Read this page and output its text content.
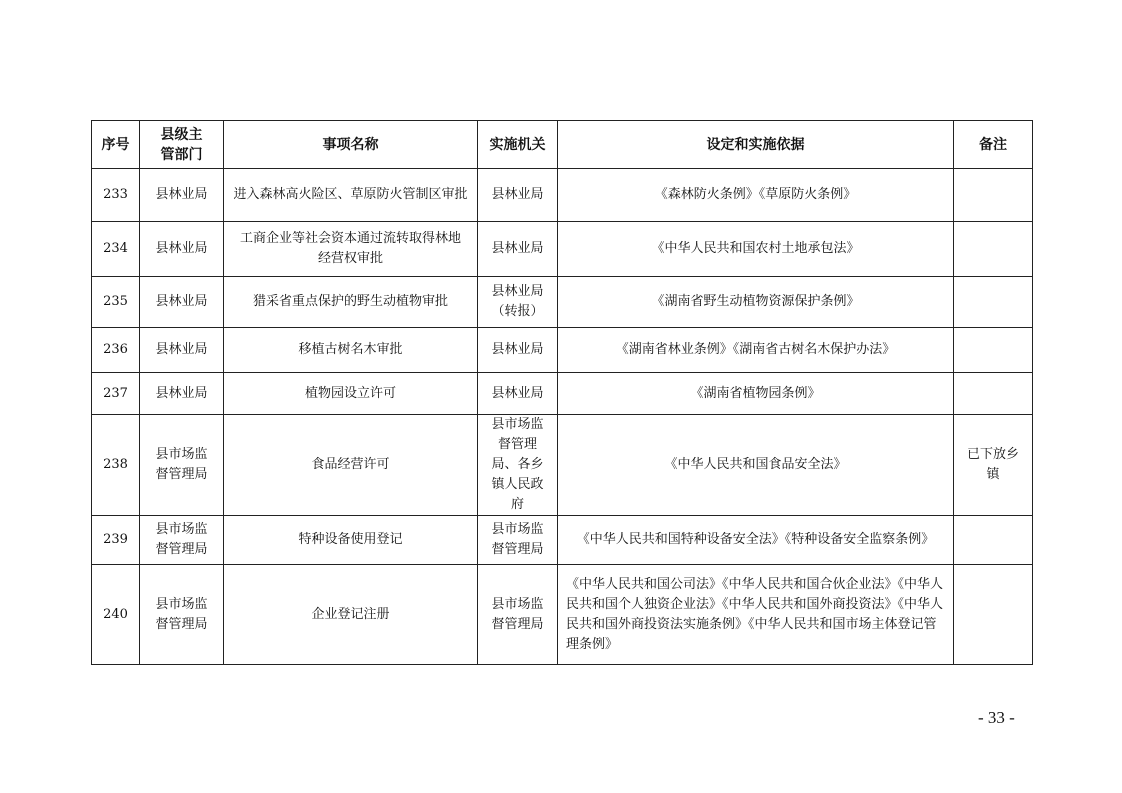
序号	县级主管部门	事项名称	实施机关	设定和实施依据	备注
233	县林业局	进入森林高火险区、草原防火管制区审批	县林业局	《森林防火条例》《草原防火条例》	
234	县林业局	工商企业等社会资本通过流转取得林地经营权审批	县林业局	《中华人民共和国农村土地承包法》	
235	县林业局	猎采省重点保护的野生动植物审批	县林业局（转报）	《湖南省野生动植物资源保护条例》	
236	县林业局	移植古树名木审批	县林业局	《湖南省林业条例》《湖南省古树名木保护办法》	
237	县林业局	植物园设立许可	县林业局	《湖南省植物园条例》	
238	县市场监督管理局	食品经营许可	县市场监督管理局、各乡镇人民政府	《中华人民共和国食品安全法》	已下放乡镇
239	县市场监督管理局	特种设备使用登记	县市场监督管理局	《中华人民共和国特种设备安全法》《特种设备安全监察条例》	
240	县市场监督管理局	企业登记注册	县市场监督管理局	《中华人民共和国公司法》《中华人民共和国合伙企业法》《中华人民共和国个人独资企业法》《中华人民共和国外商投资法》《中华人民共和国外商投资法实施条例》《中华人民共和国市场主体登记管理条例》	
- 33 -
